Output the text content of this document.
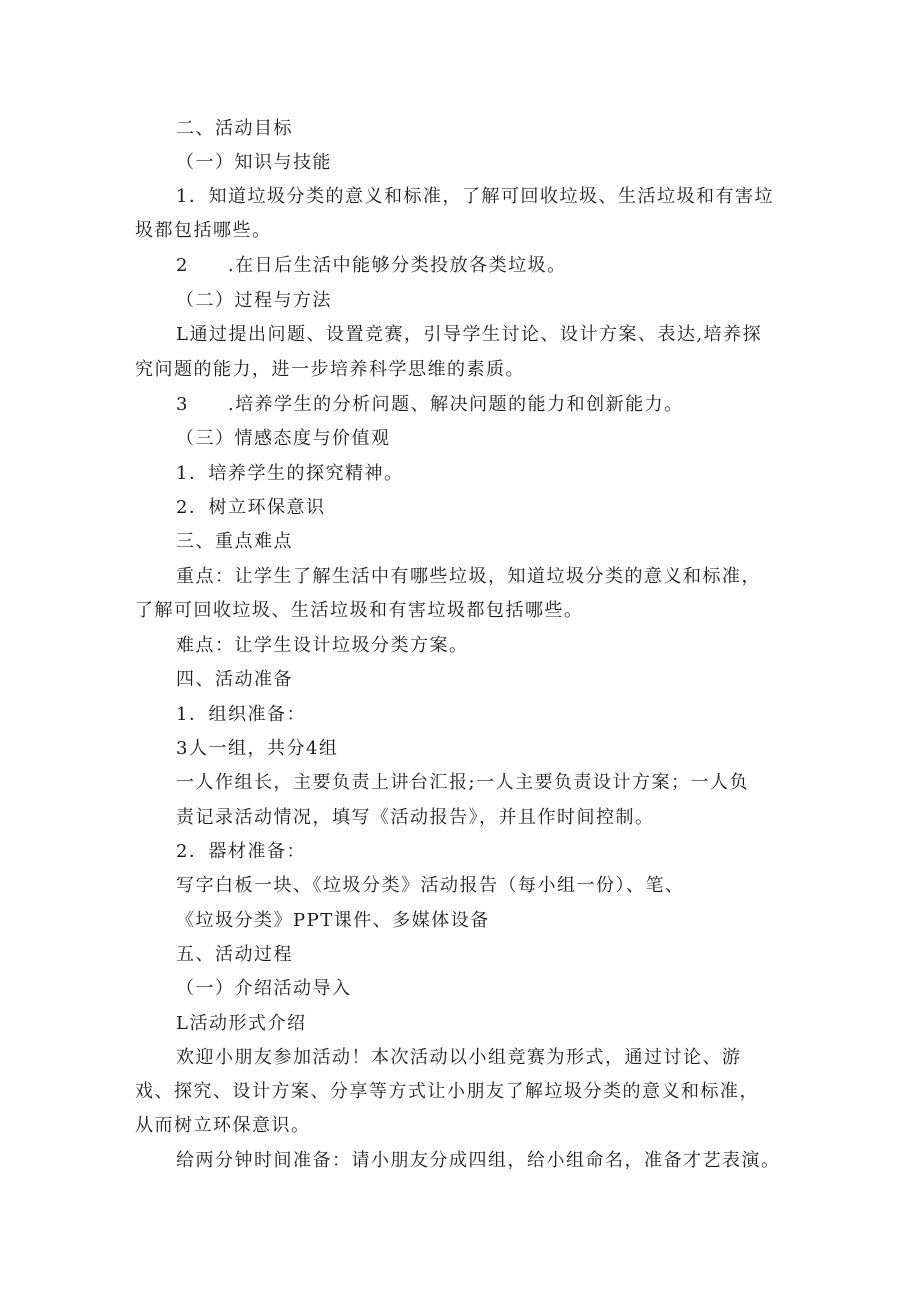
二、活动目标
（一）知识与技能
1．知道垃圾分类的意义和标准，了解可回收垃圾、生活垃圾和有害垃
圾都包括哪些。
2　　.在日后生活中能够分类投放各类垃圾。
（二）过程与方法
L通过提出问题、设置竞赛，引导学生讨论、设计方案、表达,培养探
究问题的能力，进一步培养科学思维的素质。
3　　.培养学生的分析问题、解决问题的能力和创新能力。
（三）情感态度与价值观
1．培养学生的探究精神。
2．树立环保意识
三、重点难点
重点：让学生了解生活中有哪些垃圾，知道垃圾分类的意义和标准，
了解可回收垃圾、生活垃圾和有害垃圾都包括哪些。
难点：让学生设计垃圾分类方案。
四、活动准备
1．组织准备：
3人一组，共分4组
一人作组长，主要负责上讲台汇报;一人主要负责设计方案；一人负
责记录活动情况，填写《活动报告》，并且作时间控制。
2．器材准备：
写字白板一块、《垃圾分类》活动报告（每小组一份）、笔、
《垃圾分类》PPT课件、多媒体设备
五、活动过程
（一）介绍活动导入
L活动形式介绍
欢迎小朋友参加活动！本次活动以小组竞赛为形式，通过讨论、游
戏、探究、设计方案、分享等方式让小朋友了解垃圾分类的意义和标准，
从而树立环保意识。
给两分钟时间准备：请小朋友分成四组，给小组命名，准备才艺表演。
